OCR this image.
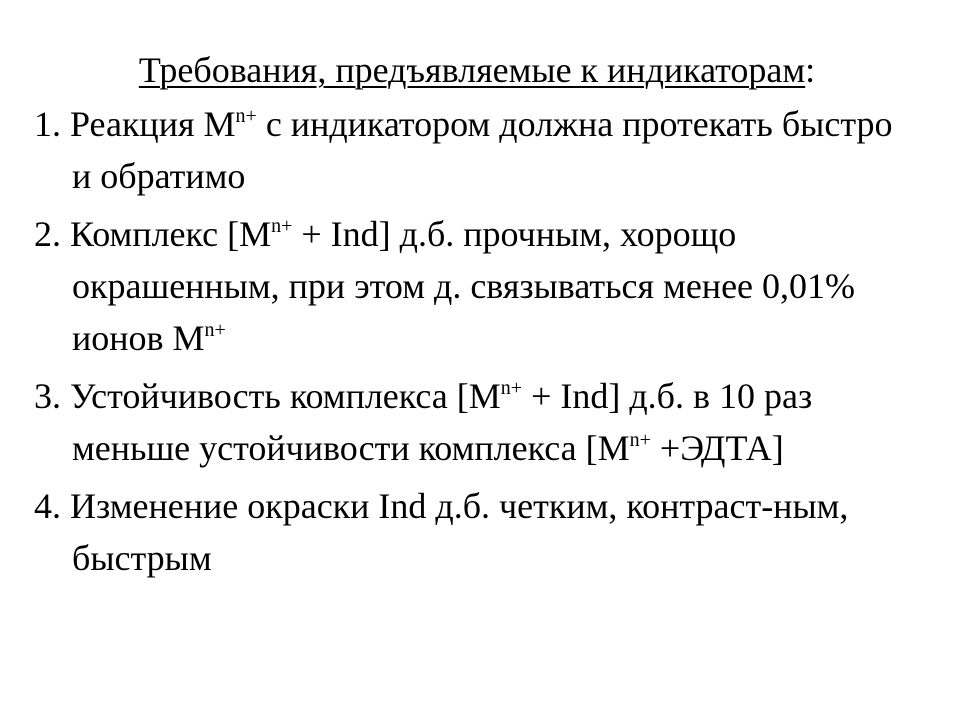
Требования, предъявляемые к индикаторам:
1. Реакция $M^{n+}$ с индикатором должна протекать быстро и обратимо
2. Комплекс $[M^{n+} + Ind]$ д.б. прочным, хорощо окрашенным, при этом д. связываться менее 0,01% ионов $M^{n+}$
3. Устойчивость комплекса $[M^{n+} + Ind]$ д.б. в 10 раз меньше устойчивости комплекса [$M^{n+}$ +ЭДТА]
4. Изменение окраски Ind д.б. четким, контраст-ным, быстрым
